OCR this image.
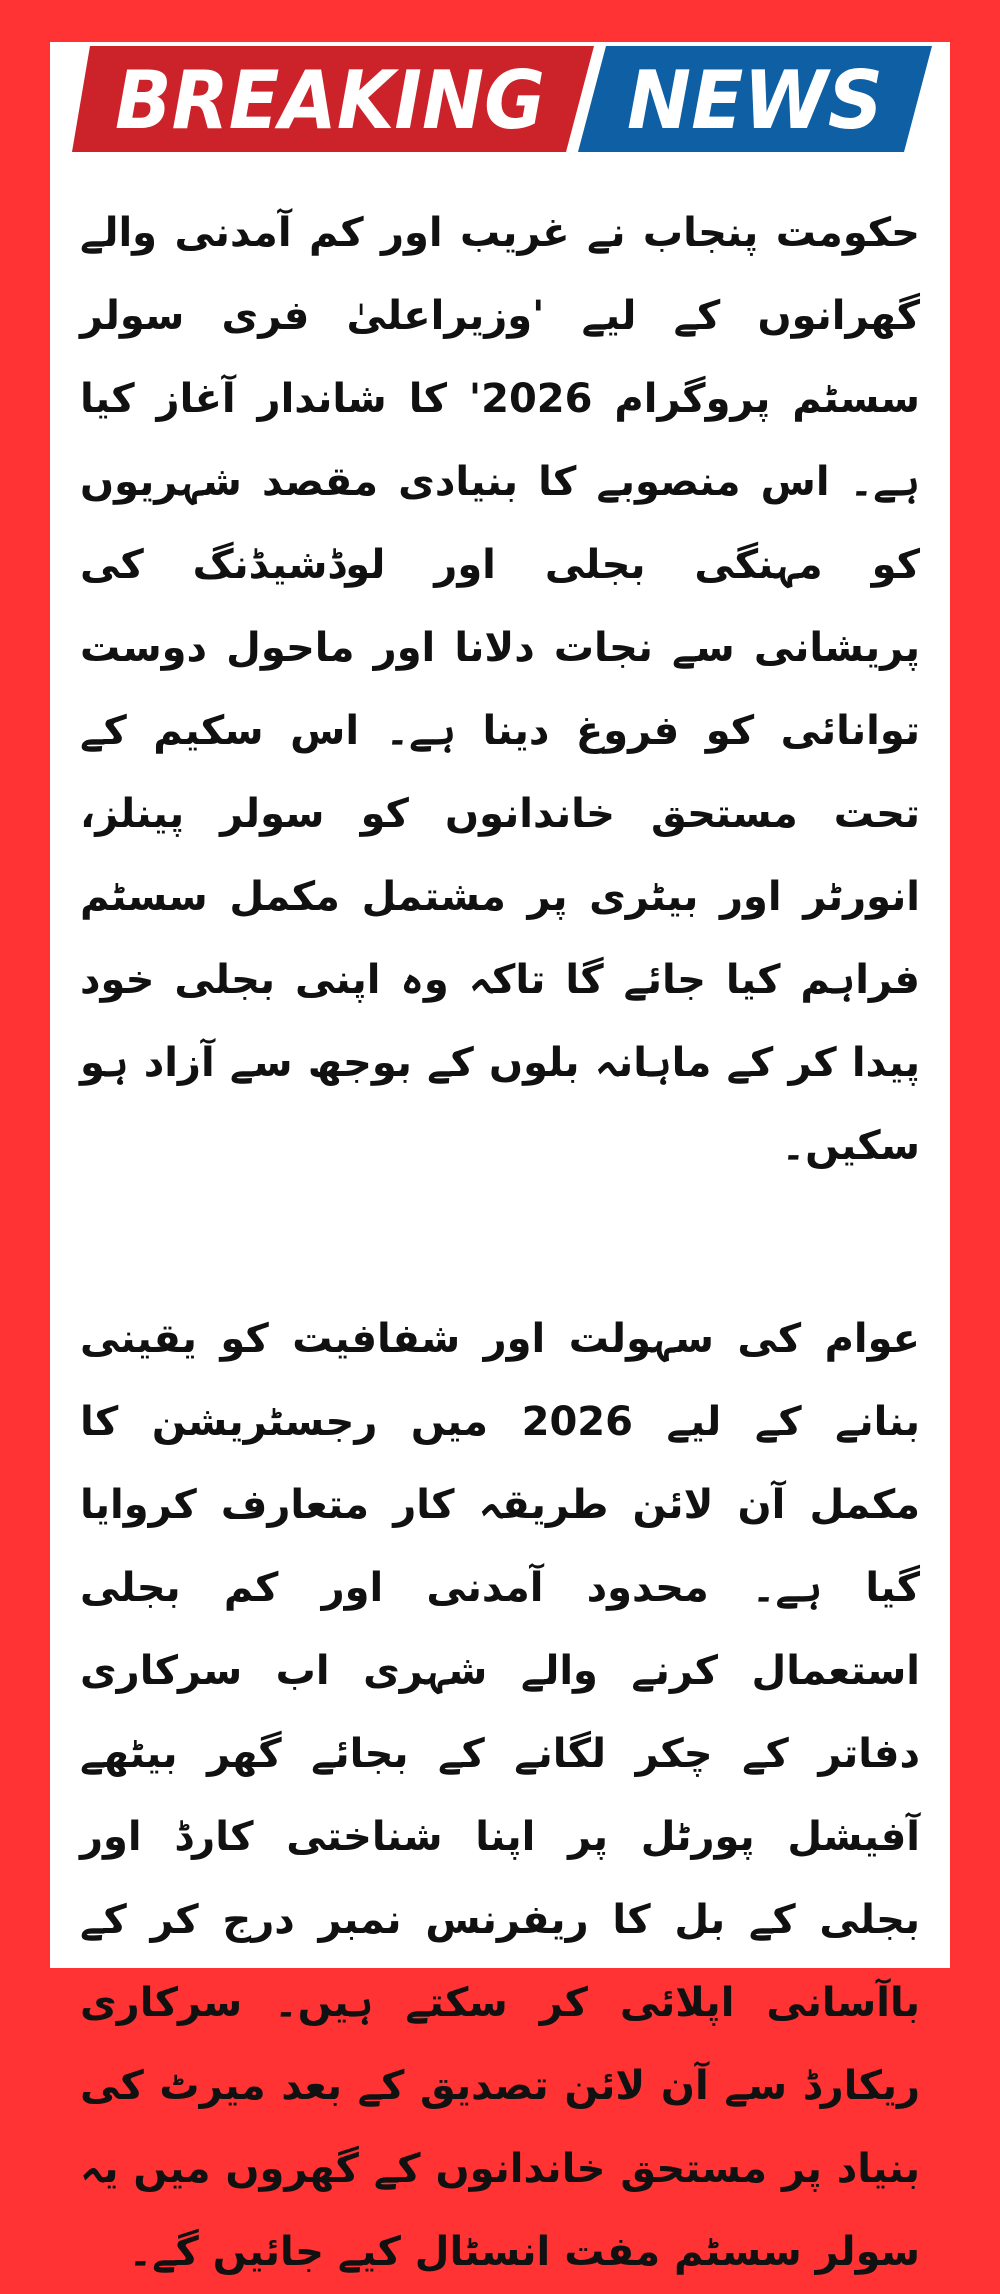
BREAKING NEWS

حکومت پنجاب نے غریب اور کم آمدنی والے گھرانوں کے لیے 'وزیراعلیٰ فری سولر سسٹم پروگرام 2026' کا شاندار آغاز کیا ہے۔ اس منصوبے کا بنیادی مقصد شہریوں کو مہنگی بجلی اور لوڈشیڈنگ کی پریشانی سے نجات دلانا اور ماحول دوست توانائی کو فروغ دینا ہے۔ اس سکیم کے تحت مستحق خاندانوں کو سولر پینلز، انورٹر اور بیٹری پر مشتمل مکمل سسٹم فراہم کیا جائے گا تاکہ وہ اپنی بجلی خود پیدا کر کے ماہانہ بلوں کے بوجھ سے آزاد ہو سکیں۔

عوام کی سہولت اور شفافیت کو یقینی بنانے کے لیے 2026 میں رجسٹریشن کا مکمل آن لائن طریقہ کار متعارف کروایا گیا ہے۔ محدود آمدنی اور کم بجلی استعمال کرنے والے شہری اب سرکاری دفاتر کے چکر لگانے کے بجائے گھر بیٹھے آفیشل پورٹل پر اپنا شناختی کارڈ اور بجلی کے بل کا ریفرنس نمبر درج کر کے باآسانی اپلائی کر سکتے ہیں۔ سرکاری ریکارڈ سے آن لائن تصدیق کے بعد میرٹ کی بنیاد پر مستحق خاندانوں کے گھروں میں یہ سولر سسٹم مفت انسٹال کیے جائیں گے۔
